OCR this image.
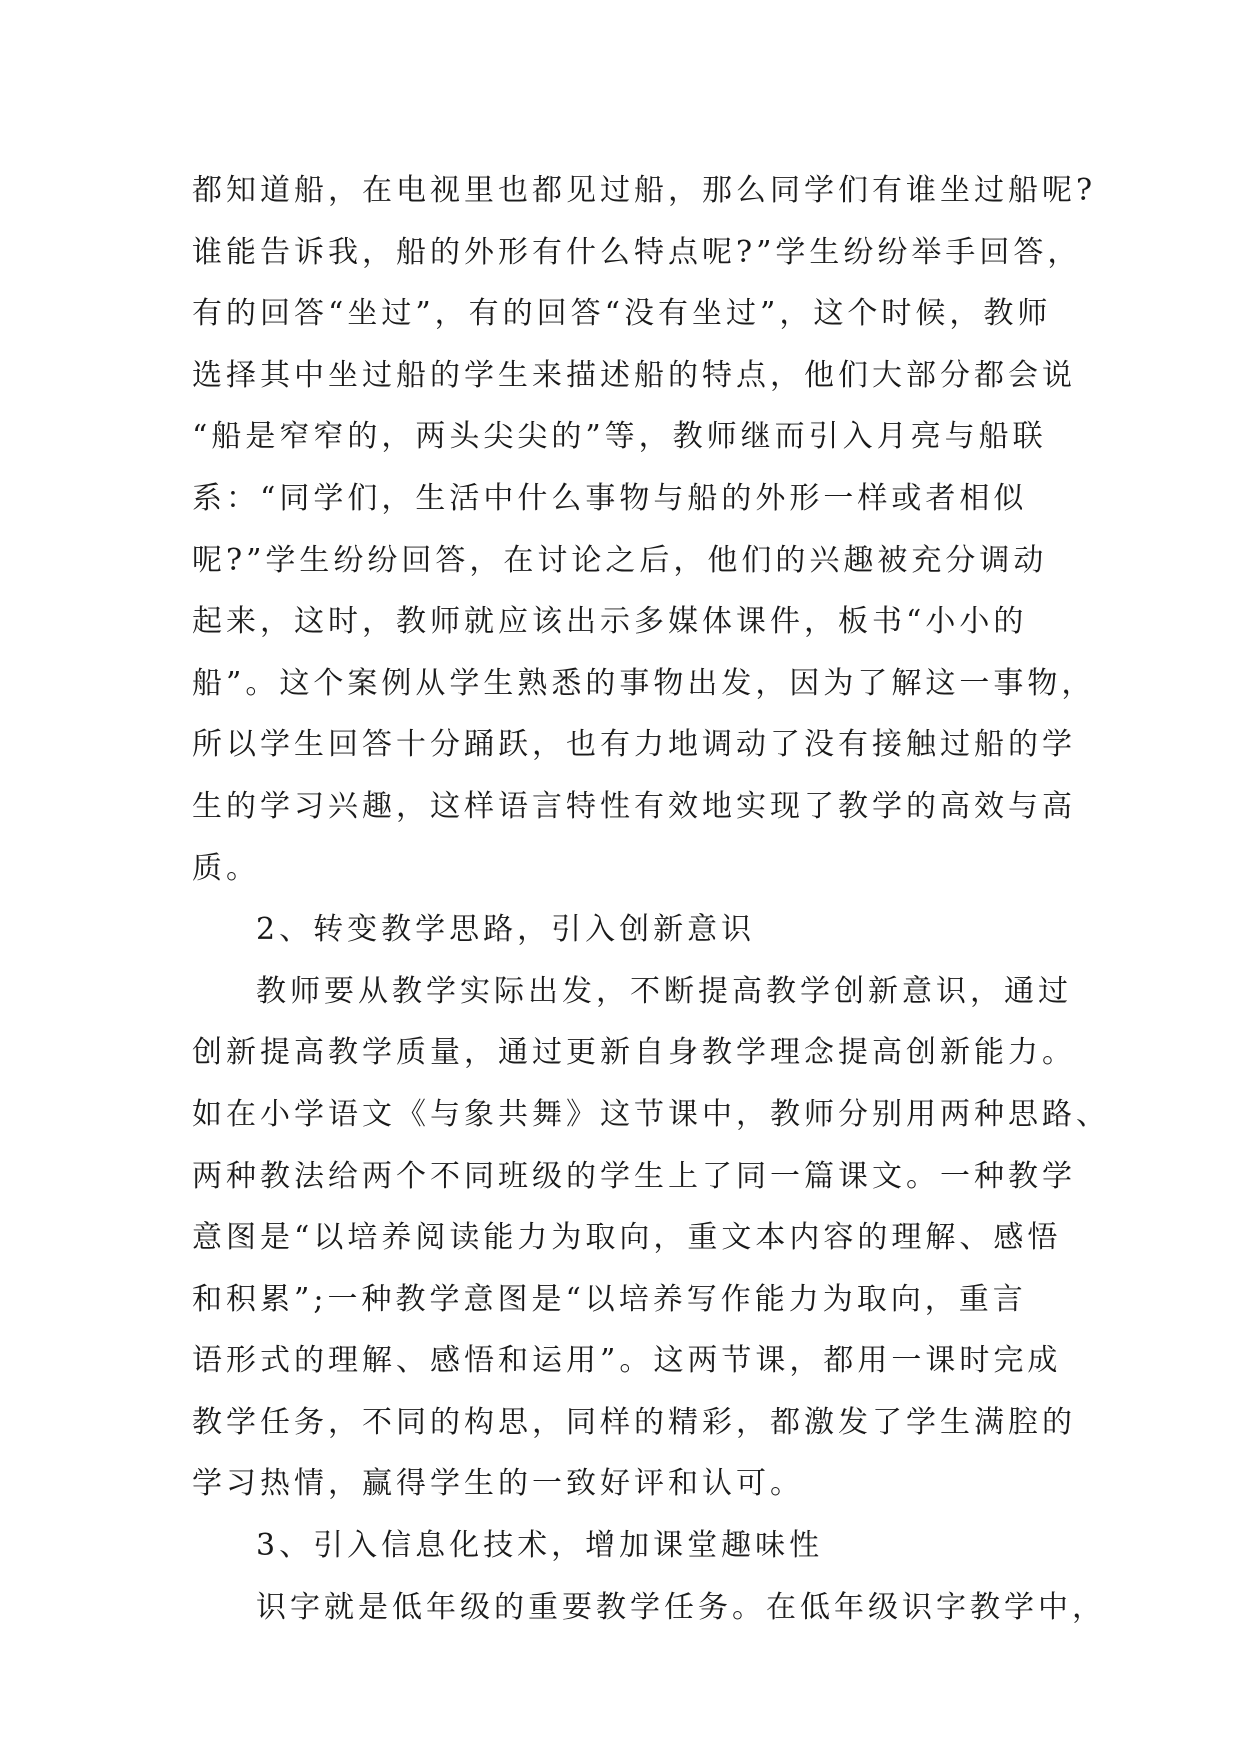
都知道船，在电视里也都见过船，那么同学们有谁坐过船呢?
谁能告诉我，船的外形有什么特点呢?”学生纷纷举手回答，
有的回答“坐过”，有的回答“没有坐过”，这个时候，教师
选择其中坐过船的学生来描述船的特点，他们大部分都会说
“船是窄窄的，两头尖尖的”等，教师继而引入月亮与船联
系：“同学们，生活中什么事物与船的外形一样或者相似
呢?”学生纷纷回答，在讨论之后，他们的兴趣被充分调动
起来，这时，教师就应该出示多媒体课件，板书“小小的
船”。这个案例从学生熟悉的事物出发，因为了解这一事物，
所以学生回答十分踊跃，也有力地调动了没有接触过船的学
生的学习兴趣，这样语言特性有效地实现了教学的高效与高
质。
2、转变教学思路，引入创新意识
教师要从教学实际出发，不断提高教学创新意识，通过
创新提高教学质量，通过更新自身教学理念提高创新能力。
如在小学语文《与象共舞》这节课中，教师分别用两种思路、
两种教法给两个不同班级的学生上了同一篇课文。一种教学
意图是“以培养阅读能力为取向，重文本内容的理解、感悟
和积累”;一种教学意图是“以培养写作能力为取向，重言
语形式的理解、感悟和运用”。这两节课，都用一课时完成
教学任务，不同的构思，同样的精彩，都激发了学生满腔的
学习热情，赢得学生的一致好评和认可。
3、引入信息化技术，增加课堂趣味性
识字就是低年级的重要教学任务。在低年级识字教学中，
